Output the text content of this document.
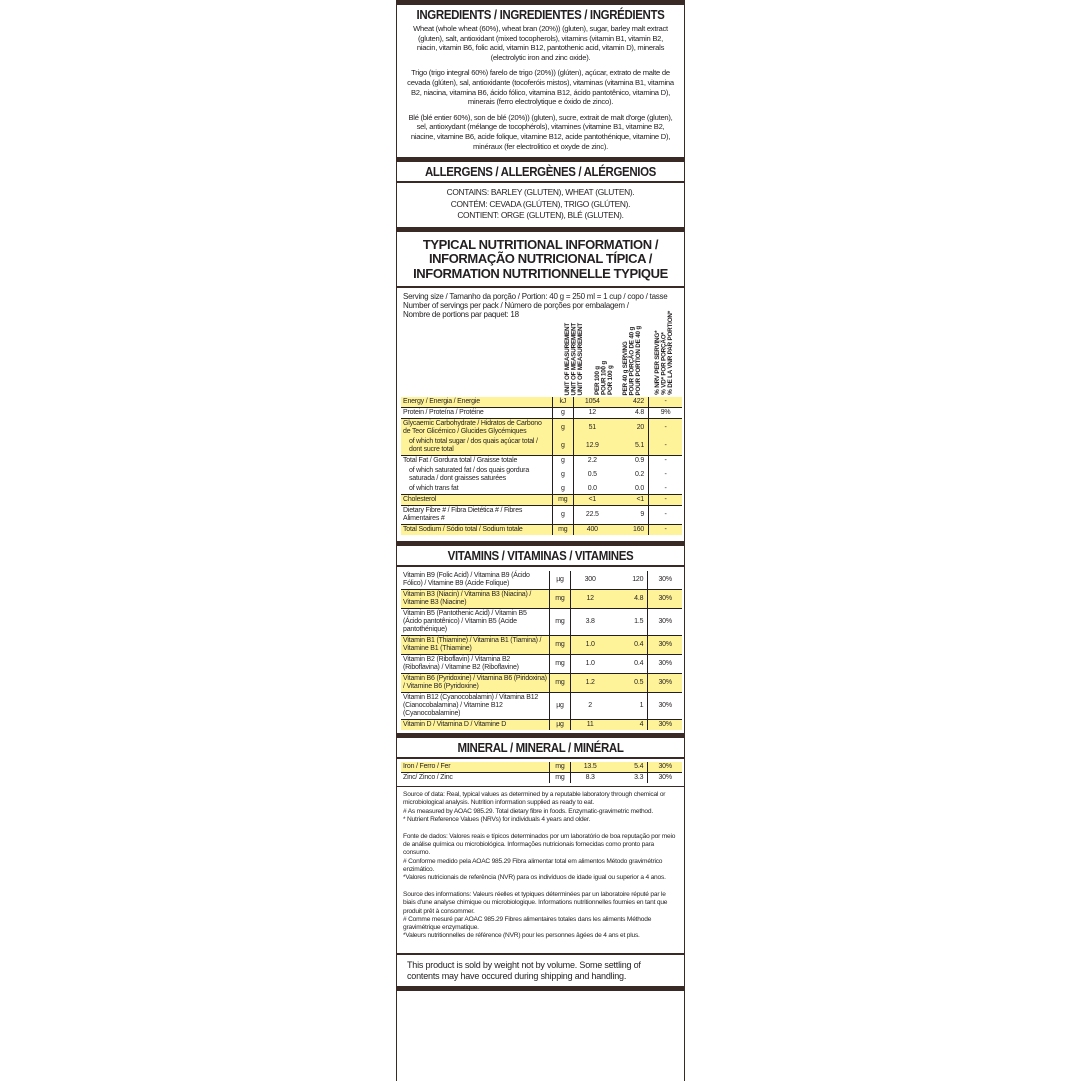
INGREDIENTS / INGREDIENTES / INGRÉDIENTS

Wheat (whole wheat (60%), wheat bran (20%)) (gluten), sugar, barley malt extract (gluten), salt, antioxidant (mixed tocopherols), vitamins (vitamin B1, vitamin B2, niacin, vitamin B6, folic acid, vitamin B12, pantothenic acid, vitamin D), minerals (electrolytic iron and zinc oxide).

Trigo (trigo integral 60%) farelo de trigo (20%)) (glúten), açúcar, extrato de malte de cevada (glúten), sal, antioxidante (tocoferóis mistos), vitaminas (vitamina B1, vitamina B2, niacina, vitamina B6, ácido fólico, vitamina B12, ácido pantotênico, vitamina D), minerais (ferro electrolytique e óxido de zinco).

Blé (blé entier 60%), son de blé (20%)) (gluten), sucre, extrait de malt d'orge (gluten), sel, antioxydant (mélange de tocophérols), vitamines (vitamine B1, vitamine B2, niacine, vitamine B6, acide folique, vitamine B12, acide pantothénique, vitamine D), minéraux (fer electrolitico et oxyde de zinc).

ALLERGENS / ALLERGÈNES / ALÉRGENIOS
CONTAINS: BARLEY (GLUTEN), WHEAT (GLUTEN).
CONTÉM: CEVADA (GLÚTEN), TRIGO (GLÚTEN).
CONTIENT: ORGE (GLUTEN), BLÉ (GLUTEN).
TYPICAL NUTRITIONAL INFORMATION /
INFORMAÇÃO NUTRICIONAL TÍPICA /
INFORMATION NUTRITIONNELLE TYPIQUE
Serving size / Tamanho da porção / Portion: 40 g = 250 ml = 1 cup / copo / tasse
Number of servings per pack / Número de porções por embalagem /
Nombre de portions par paquet: 18
UNIT OF MEASUREMENT
UNIT OF MEASUREMENT
UNIT OF MEASUREMENT
PER 100 g
POUR 100 g
POR 100 g
PER 40 g SERVING
POUR PORÇÃO DE 40 g
POUR PORTION DE 40 g
% NRV PER SERVING*
% VD* POR PORÇÃO*
% DE LA VNR PAR PORTION*
Energy / Energia / Energie	kJ	1054	422	-
Protein / Proteína / Protéine	g	12	4.8	9%
Glycaemic Carbohydrate / Hidratos de Carbono de Teor Glicémico / Glucides Glycémiques	g	51	20	-
of which total sugar / dos quais açúcar total / dont sucre total	g	12.9	5.1	-
Total Fat / Gordura total / Graisse totale	g	2.2	0.9	-
of which saturated fat / dos quais gordura saturada / dont graisses saturées	g	0.5	0.2	-
of which trans fat	g	0.0	0.0	-
Cholesterol	mg	<1	<1	-
Dietary Fibre # / Fibra Dietética # / Fibres Alimentaires #	g	22.5	9	-
Total Sodium / Sódio total / Sodium totale	mg	400	160	-
VITAMINS / VITAMINAS / VITAMINES
Vitamin B9 (Folic Acid) / Vitamina B9 (Ácido Fólico) / Vitamine B9 (Acide Folique)	µg	300	120	30%
Vitamin B3 (Niacin) / Vitamina B3 (Niacina) / Vitamine B3 (Niacine)	mg	12	4.8	30%
Vitamin B5 (Pantothenic Acid) / Vitamin B5 (Ácido pantotênico) / Vitamin B5 (Acide pantothénique)	mg	3.8	1.5	30%
Vitamin B1 (Thiamine) / Vitamina B1 (Tiamina) / Vitamine B1 (Thiamine)	mg	1.0	0.4	30%
Vitamin B2 (Riboflavin) / Vitamina B2 (Riboflavina) / Vitamine B2 (Riboflavine)	mg	1.0	0.4	30%
Vitamin B6 (Pyridoxine) / Vitamina B6 (Piridoxina) / Vitamine B6 (Pyridoxine)	mg	1.2	0.5	30%
Vitamin B12 (Cyanocobalamin) / Vitamina B12 (Cianocobalamina) / Vitamine B12 (Cyanocobalamine)	µg	2	1	30%
Vitamin D / Vitamina D / Vitamine D	µg	11	4	30%
MINERAL / MINERAL / MINÉRAL
Iron / Ferro / Fer	mg	13.5	5.4	30%
Zinc/ Zinco / Zinc	mg	8.3	3.3	30%

Source of data: Real, typical values as determined by a reputable laboratory through chemical or microbiological analysis. Nutrition information supplied as ready to eat.
# As measured by AOAC 985.29. Total dietary fibre in foods. Enzymatic-gravimetric method.
* Nutrient Reference Values (NRVs) for individuals 4 years and older.

Fonte de dados: Valores reais e típicos determinados por um laboratório de boa reputação por meio de análise química ou microbiológica. Informações nutricionais fornecidas como pronto para consumo.
# Conforme medido pela AOAC 985.29 Fibra alimentar total em alimentos Método gravimétrico enzimático.
*Valores nutricionais de referência (NVR) para os indivíduos de idade igual ou superior a 4 anos.

Source des informations: Valeurs réelles et typiques déterminées par un laboratoire réputé par le biais d'une analyse chimique ou microbiologique. Informations nutritionnelles fournies en tant que produit prêt à consommer.
# Comme mesuré par AOAC 985.29 Fibres alimentaires totales dans les aliments Méthode gravimétrique enzymatique.
*Valeurs nutritionnelles de référence (NVR) pour les personnes âgées de 4 ans et plus.

This product is sold by weight not by volume. Some settling of contents may have occured during shipping and handling.
